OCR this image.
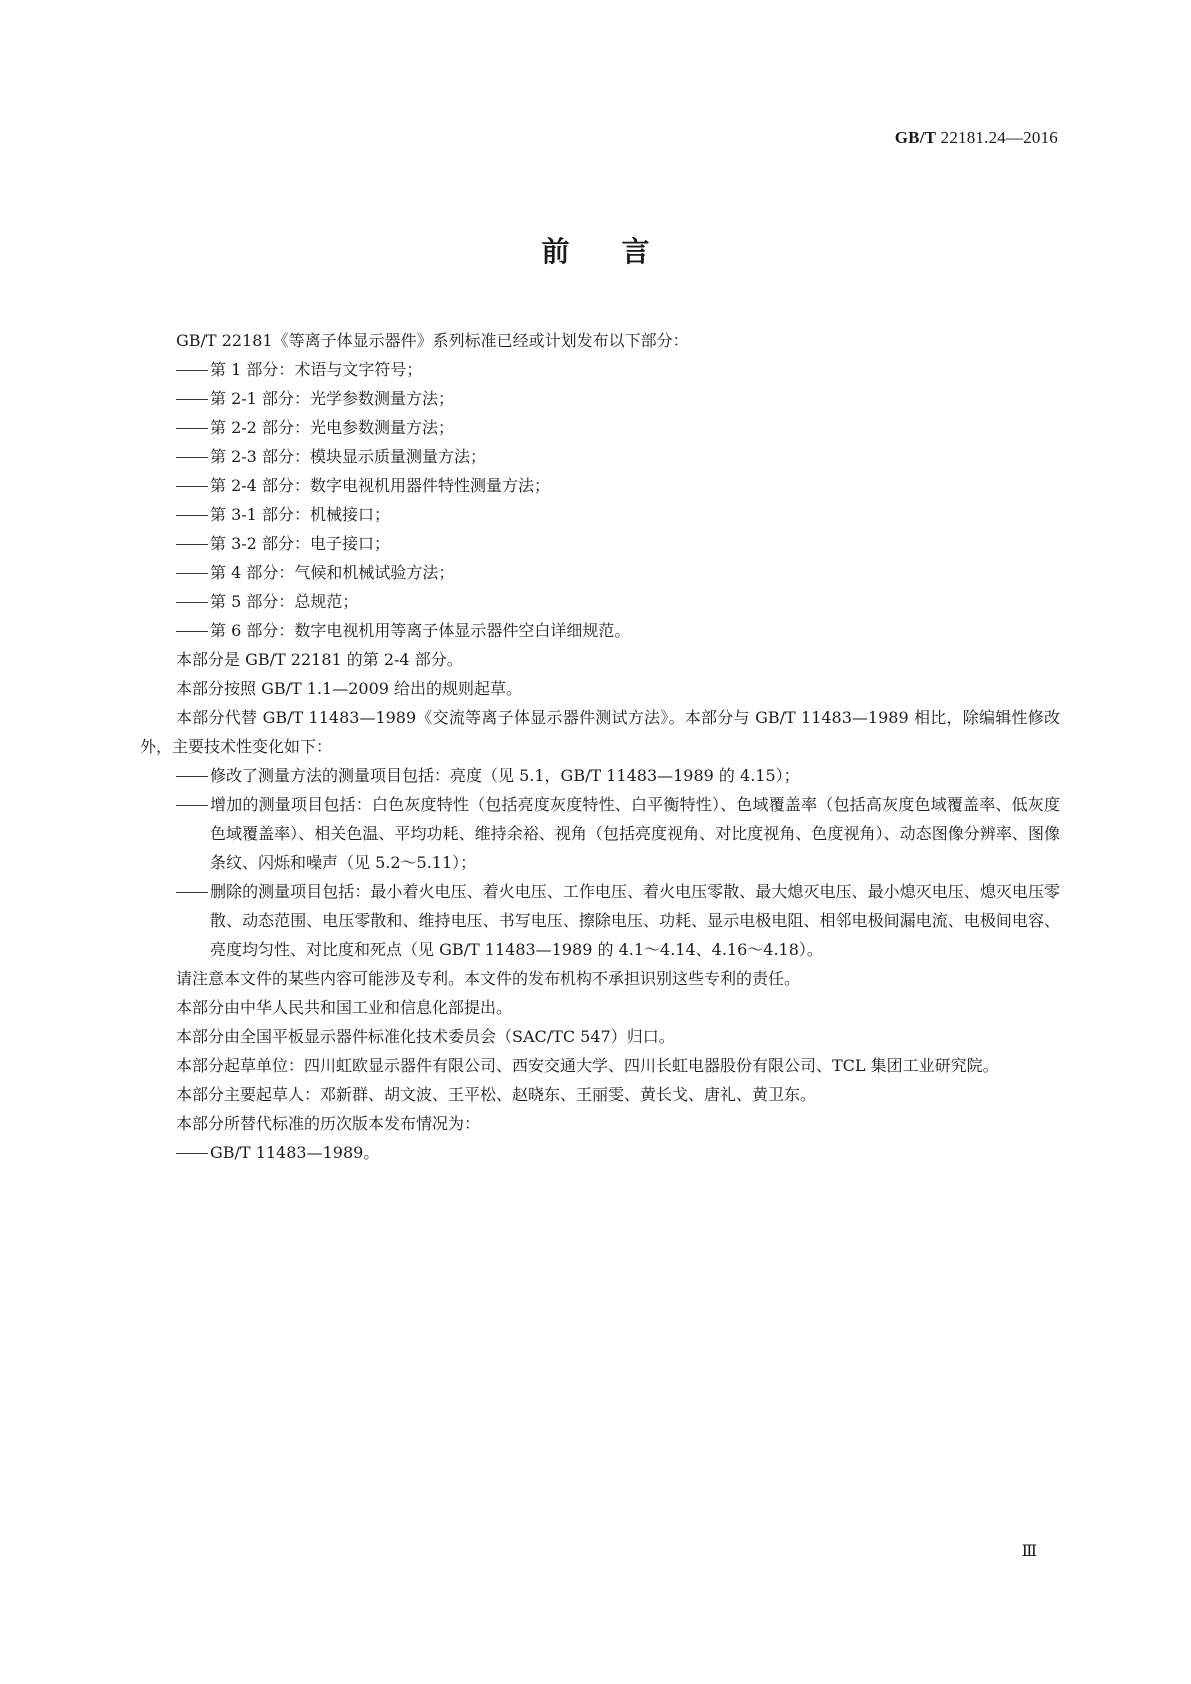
GB/T 22181.24—2016
前言
GB/T 22181《等离子体显示器件》系列标准已经或计划发布以下部分：
第 1 部分：术语与文字符号；
第 2-1 部分：光学参数测量方法；
第 2-2 部分：光电参数测量方法；
第 2-3 部分：模块显示质量测量方法；
第 2-4 部分：数字电视机用器件特性测量方法；
第 3-1 部分：机械接口；
第 3-2 部分：电子接口；
第 4 部分：气候和机械试验方法；
第 5 部分：总规范；
第 6 部分：数字电视机用等离子体显示器件空白详细规范。
本部分是 GB/T 22181 的第 2-4 部分。
本部分按照 GB/T 1.1—2009 给出的规则起草。
本部分代替 GB/T 11483—1989《交流等离子体显示器件测试方法》。本部分与 GB/T 11483—1989 相比，除编辑性修改外，主要技术性变化如下：
修改了测量方法的测量项目包括：亮度（见 5.1，GB/T 11483—1989 的 4.15）；
增加的测量项目包括：白色灰度特性（包括亮度灰度特性、白平衡特性）、色域覆盖率（包括高灰度色域覆盖率、低灰度色域覆盖率）、相关色温、平均功耗、维持余裕、视角（包括亮度视角、对比度视角、色度视角）、动态图像分辨率、图像条纹、闪烁和噪声（见 5.2～5.11）；
删除的测量项目包括：最小着火电压、着火电压、工作电压、着火电压零散、最大熄灭电压、最小熄灭电压、熄灭电压零散、动态范围、电压零散和、维持电压、书写电压、擦除电压、功耗、显示电极电阻、相邻电极间漏电流、电极间电容、亮度均匀性、对比度和死点（见 GB/T 11483—1989 的 4.1～4.14、4.16～4.18）。
请注意本文件的某些内容可能涉及专利。本文件的发布机构不承担识别这些专利的责任。
本部分由中华人民共和国工业和信息化部提出。
本部分由全国平板显示器件标准化技术委员会（SAC/TC 547）归口。
本部分起草单位：四川虹欧显示器件有限公司、西安交通大学、四川长虹电器股份有限公司、TCL 集团工业研究院。
本部分主要起草人：邓新群、胡文波、王平松、赵晓东、王丽雯、黄长戈、唐礼、黄卫东。
本部分所替代标准的历次版本发布情况为：
GB/T 11483—1989。
Ⅲ
